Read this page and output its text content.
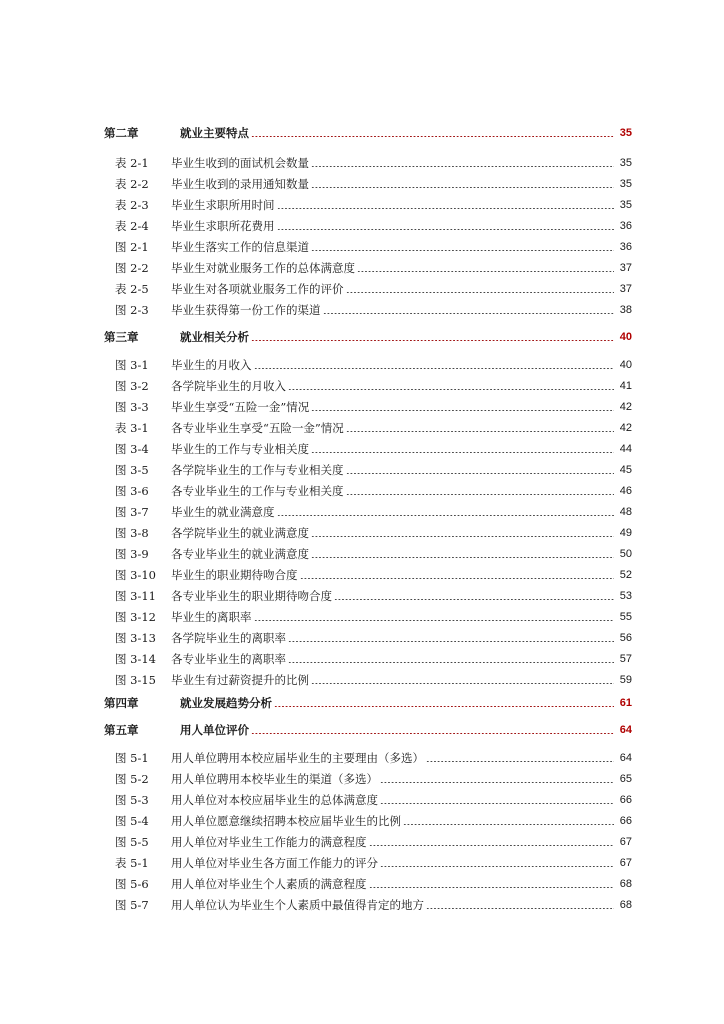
第二章	就业主要特点	35
表 2-1	毕业生收到的面试机会数量	35
表 2-2	毕业生收到的录用通知数量	35
表 2-3	毕业生求职所用时间	35
表 2-4	毕业生求职所花费用	36
图 2-1	毕业生落实工作的信息渠道	36
图 2-2	毕业生对就业服务工作的总体满意度	37
表 2-5	毕业生对各项就业服务工作的评价	37
图 2-3	毕业生获得第一份工作的渠道	38
第三章	就业相关分析	40
图 3-1	毕业生的月收入	40
图 3-2	各学院毕业生的月收入	41
图 3-3	毕业生享受“五险一金”情况	42
表 3-1	各专业毕业生享受“五险一金”情况	42
图 3-4	毕业生的工作与专业相关度	44
图 3-5	各学院毕业生的工作与专业相关度	45
图 3-6	各专业毕业生的工作与专业相关度	46
图 3-7	毕业生的就业满意度	48
图 3-8	各学院毕业生的就业满意度	49
图 3-9	各专业毕业生的就业满意度	50
图 3-10	毕业生的职业期待吻合度	52
图 3-11	各专业毕业生的职业期待吻合度	53
图 3-12	毕业生的离职率	55
图 3-13	各学院毕业生的离职率	56
图 3-14	各专业毕业生的离职率	57
图 3-15	毕业生有过薪资提升的比例	59
第四章	就业发展趋势分析	61
第五章	用人单位评价	64
图 5-1	用人单位聘用本校应届毕业生的主要理由（多选）	64
图 5-2	用人单位聘用本校毕业生的渠道（多选）	65
图 5-3	用人单位对本校应届毕业生的总体满意度	66
图 5-4	用人单位愿意继续招聘本校应届毕业生的比例	66
图 5-5	用人单位对毕业生工作能力的满意程度	67
表 5-1	用人单位对毕业生各方面工作能力的评分	67
图 5-6	用人单位对毕业生个人素质的满意程度	68
图 5-7	用人单位认为毕业生个人素质中最值得肯定的地方	68
